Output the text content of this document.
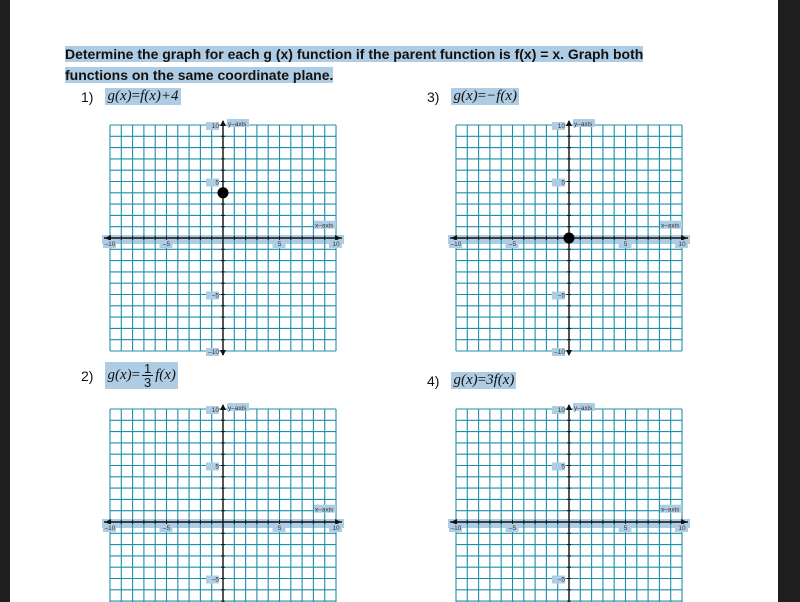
Determine the graph for each g (x) function if the parent function is f(x) = x. Graph both
functions on the same coordinate plane.
1) g(x)=f(x)+4	3) g(x)=−f(x)
2) $g(x)= \frac{1}{3} f(x)$	4) g(x)=3f(x)
–10	–5	5	10
10
5
–5
–10
y–axis
x–axis
–10	–5	5	10
10
5
–5
–10
y–axis
x–axis
–10	–5	5	10
10
5
–5
y–axis
x–axis
–10	–5	5	10
10
5
–5
y–axis
x–axis
